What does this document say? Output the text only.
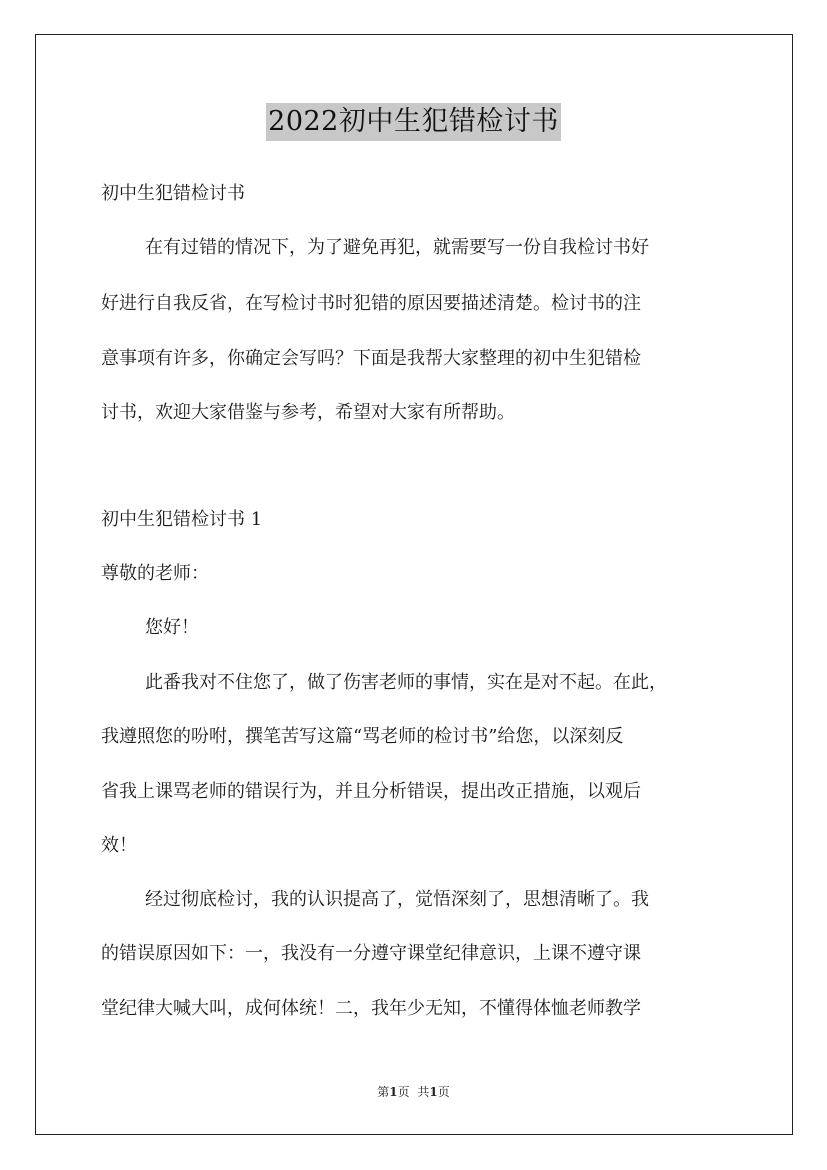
2022初中生犯错检讨书
初中生犯错检讨书
在有过错的情况下，为了避免再犯，就需要写一份自我检讨书好
好进行自我反省，在写检讨书时犯错的原因要描述清楚。检讨书的注
意事项有许多，你确定会写吗？下面是我帮大家整理的初中生犯错检
讨书，欢迎大家借鉴与参考，希望对大家有所帮助。
初中生犯错检讨书 1
尊敬的老师：
您好！
此番我对不住您了，做了伤害老师的事情，实在是对不起。在此，
我遵照您的吩咐，撰笔苦写这篇“骂老师的检讨书”给您，以深刻反
省我上课骂老师的错误行为，并且分析错误，提出改正措施，以观后
效！
经过彻底检讨，我的认识提高了，觉悟深刻了，思想清晰了。我
的错误原因如下：一，我没有一分遵守课堂纪律意识，上课不遵守课
堂纪律大喊大叫，成何体统！二，我年少无知，不懂得体恤老师教学
第1页 共1页
